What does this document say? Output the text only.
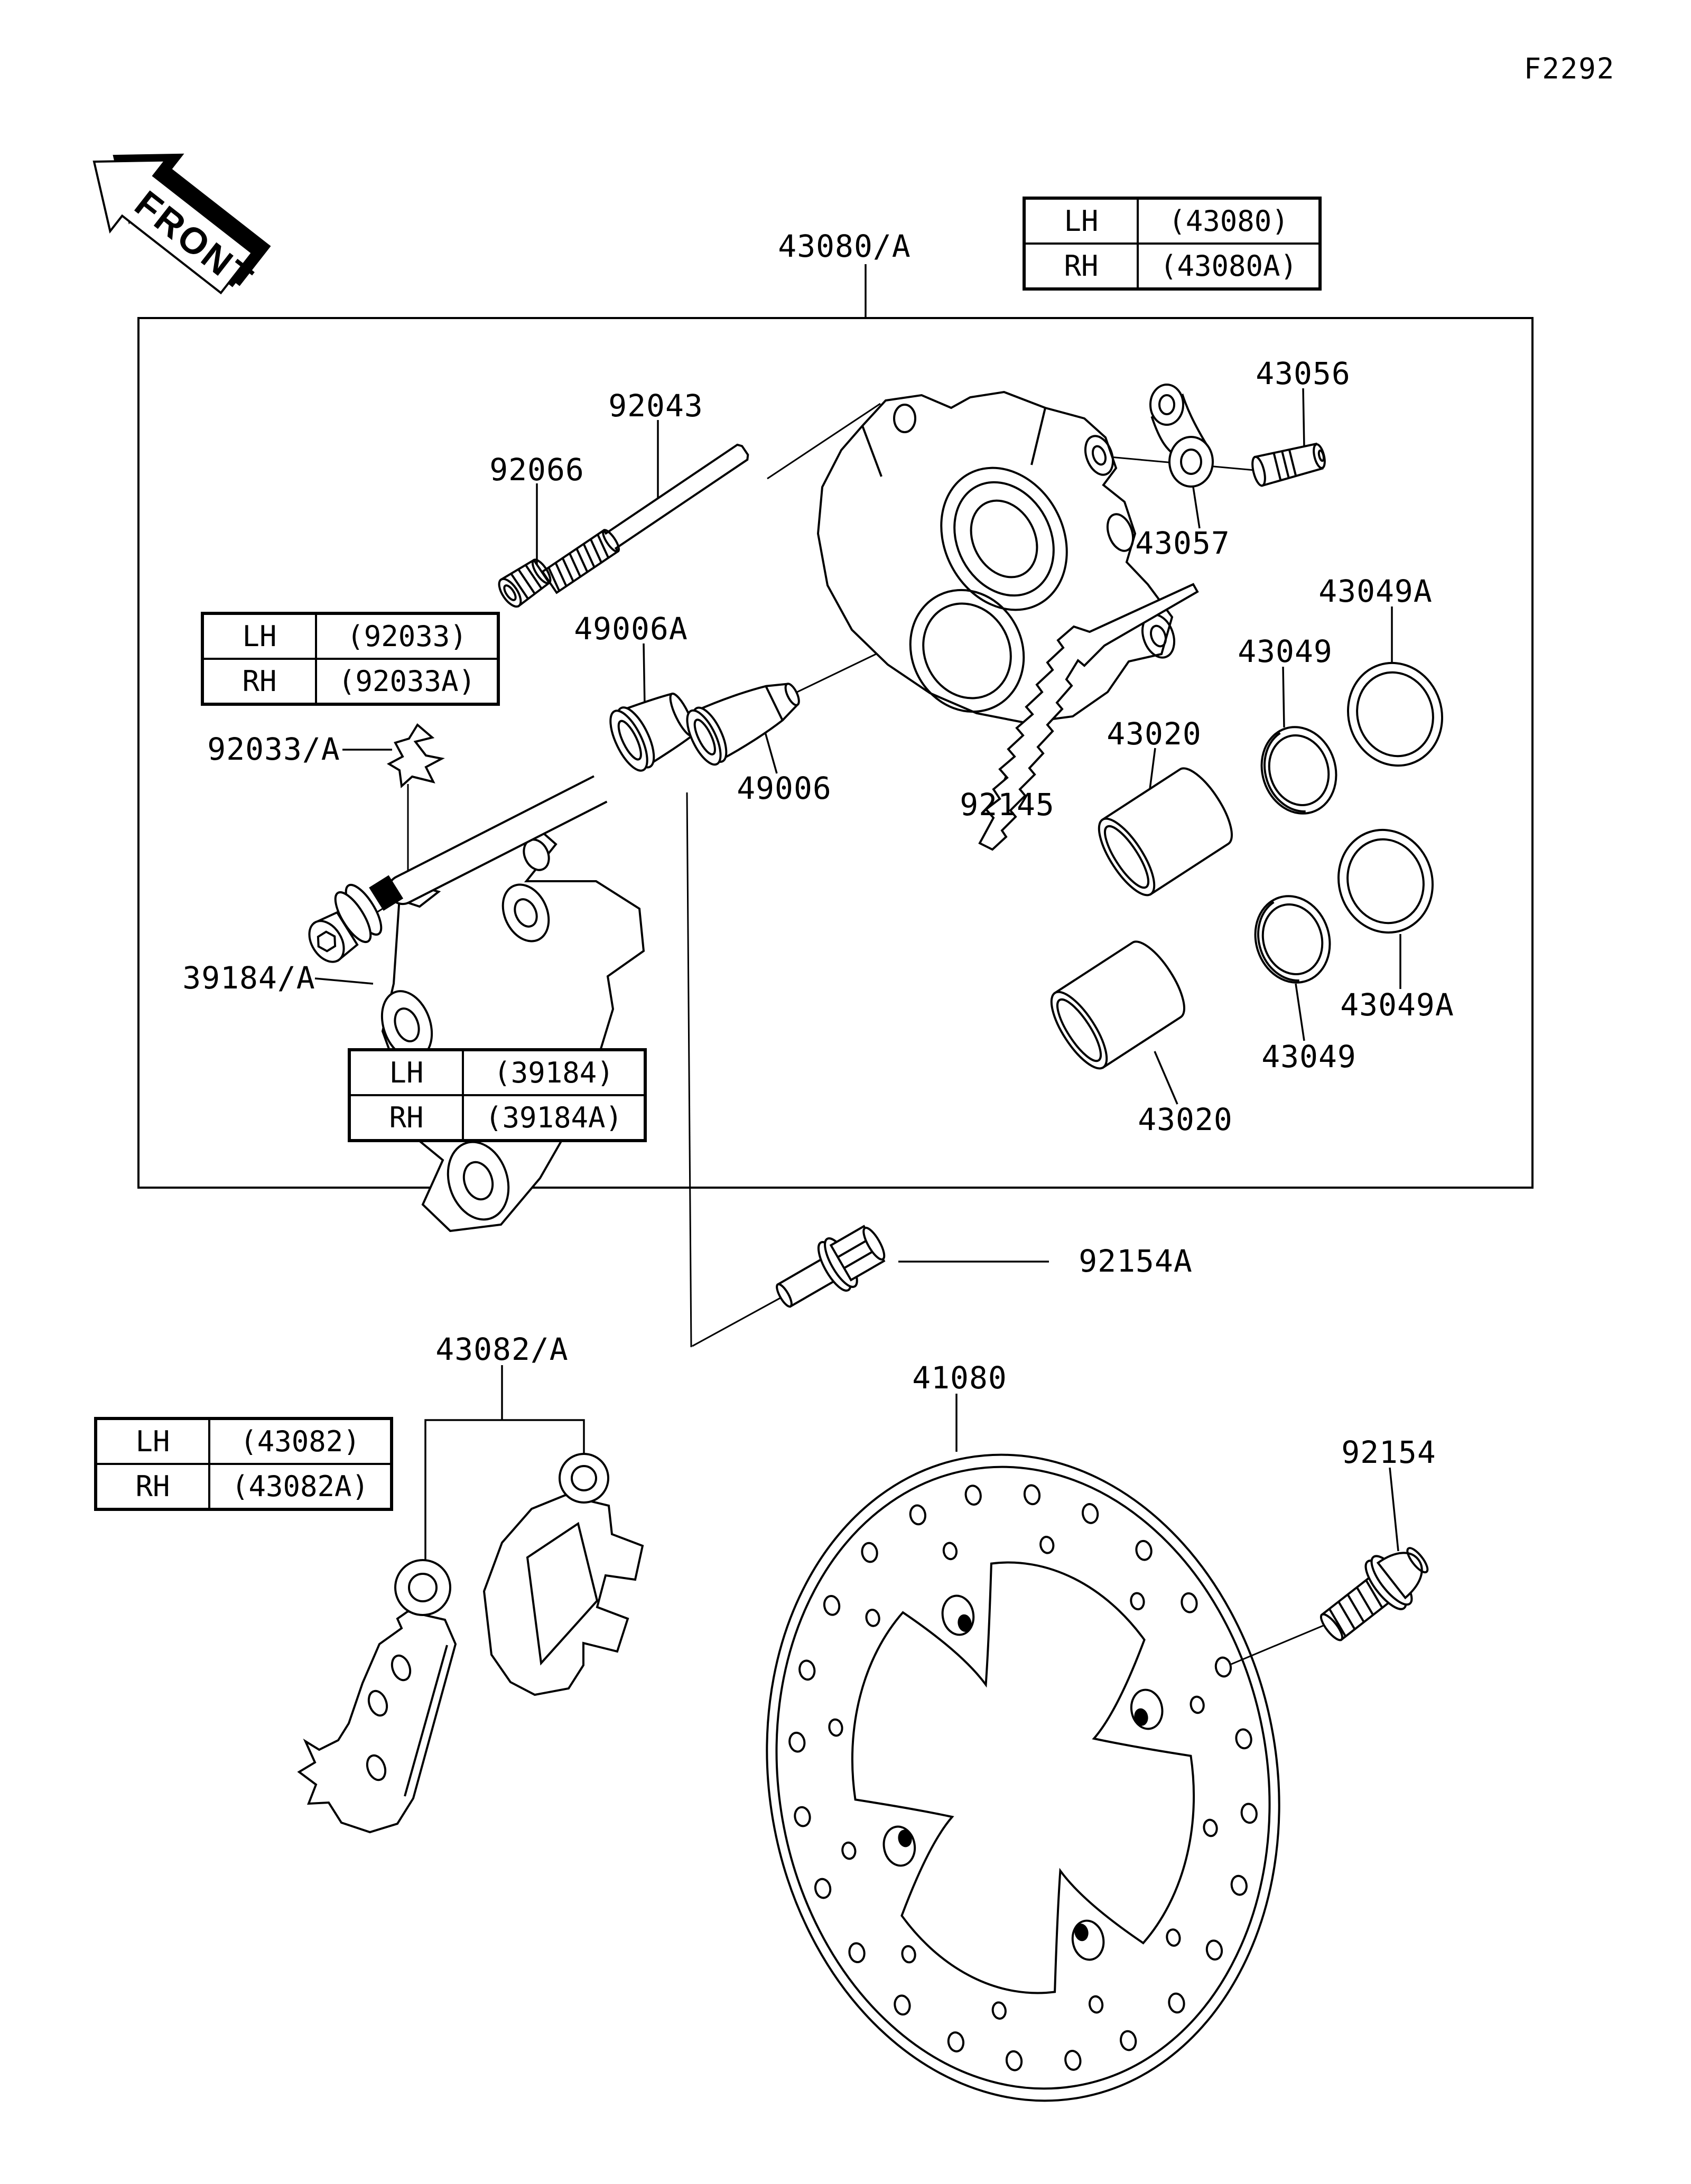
FRONT
F2292
43080/A
92043
92066
43056
43057
49006A
49006
92033/A
92145
43049A
43049
43020
43049A
43049
43020
39184/A
92154A
43082/A
41080
92154
LH	(43080)
RH	(43080A)
LH	(92033)
RH	(92033A)
LH	(39184)
RH	(39184A)
LH	(43082)
RH	(43082A)
